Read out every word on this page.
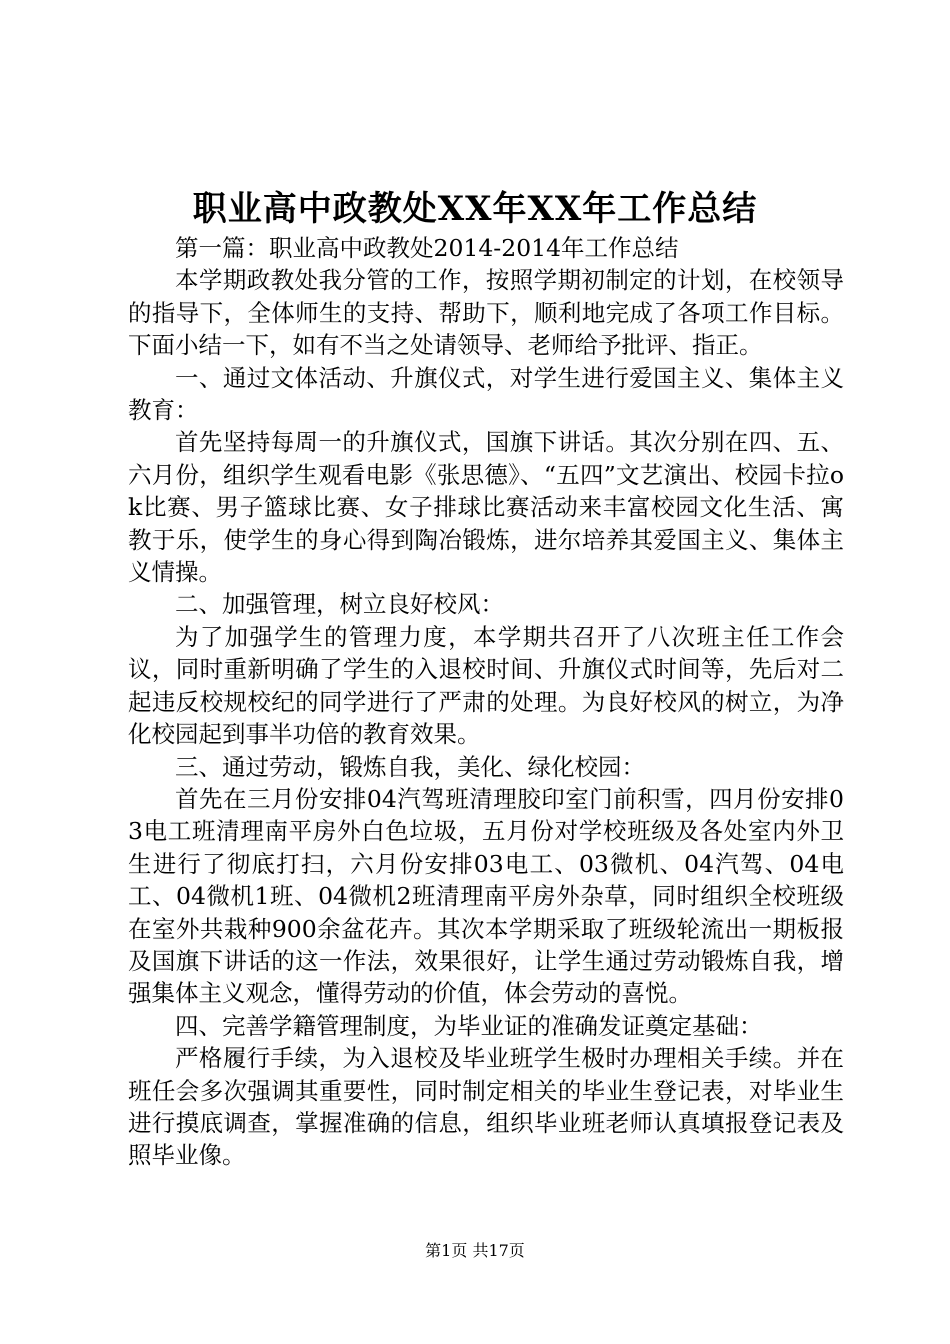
职业高中政教处XX年XX年工作总结

第一篇：职业高中政教处2014-2014年工作总结

本学期政教处我分管的工作，按照学期初制定的计划，在校领导的指导下，全体师生的支持、帮助下，顺利地完成了各项工作目标。下面小结一下，如有不当之处请领导、老师给予批评、指正。

一、通过文体活动、升旗仪式，对学生进行爱国主义、集体主义教育：

首先坚持每周一的升旗仪式，国旗下讲话。其次分别在四、五、六月份，组织学生观看电影《张思德》、“五四”文艺演出、校园卡拉ok比赛、男子篮球比赛、女子排球比赛活动来丰富校园文化生活、寓教于乐，使学生的身心得到陶冶锻炼，进尔培养其爱国主义、集体主义情操。

二、加强管理，树立良好校风：

为了加强学生的管理力度，本学期共召开了八次班主任工作会议，同时重新明确了学生的入退校时间、升旗仪式时间等，先后对二起违反校规校纪的同学进行了严肃的处理。为良好校风的树立，为净化校园起到事半功倍的教育效果。

三、通过劳动，锻炼自我，美化、绿化校园：

首先在三月份安排04汽驾班清理胶印室门前积雪，四月份安排03电工班清理南平房外白色垃圾，五月份对学校班级及各处室内外卫生进行了彻底打扫，六月份安排03电工、03微机、04汽驾、04电工、04微机1班、04微机2班清理南平房外杂草，同时组织全校班级在室外共栽种900余盆花卉。其次本学期采取了班级轮流出一期板报及国旗下讲话的这一作法，效果很好，让学生通过劳动锻炼自我，增强集体主义观念，懂得劳动的价值，体会劳动的喜悦。

四、完善学籍管理制度，为毕业证的准确发证奠定基础：

严格履行手续，为入退校及毕业班学生极时办理相关手续。并在班任会多次强调其重要性，同时制定相关的毕业生登记表，对毕业生进行摸底调查，掌握准确的信息，组织毕业班老师认真填报登记表及照毕业像。

第1页 共17页
